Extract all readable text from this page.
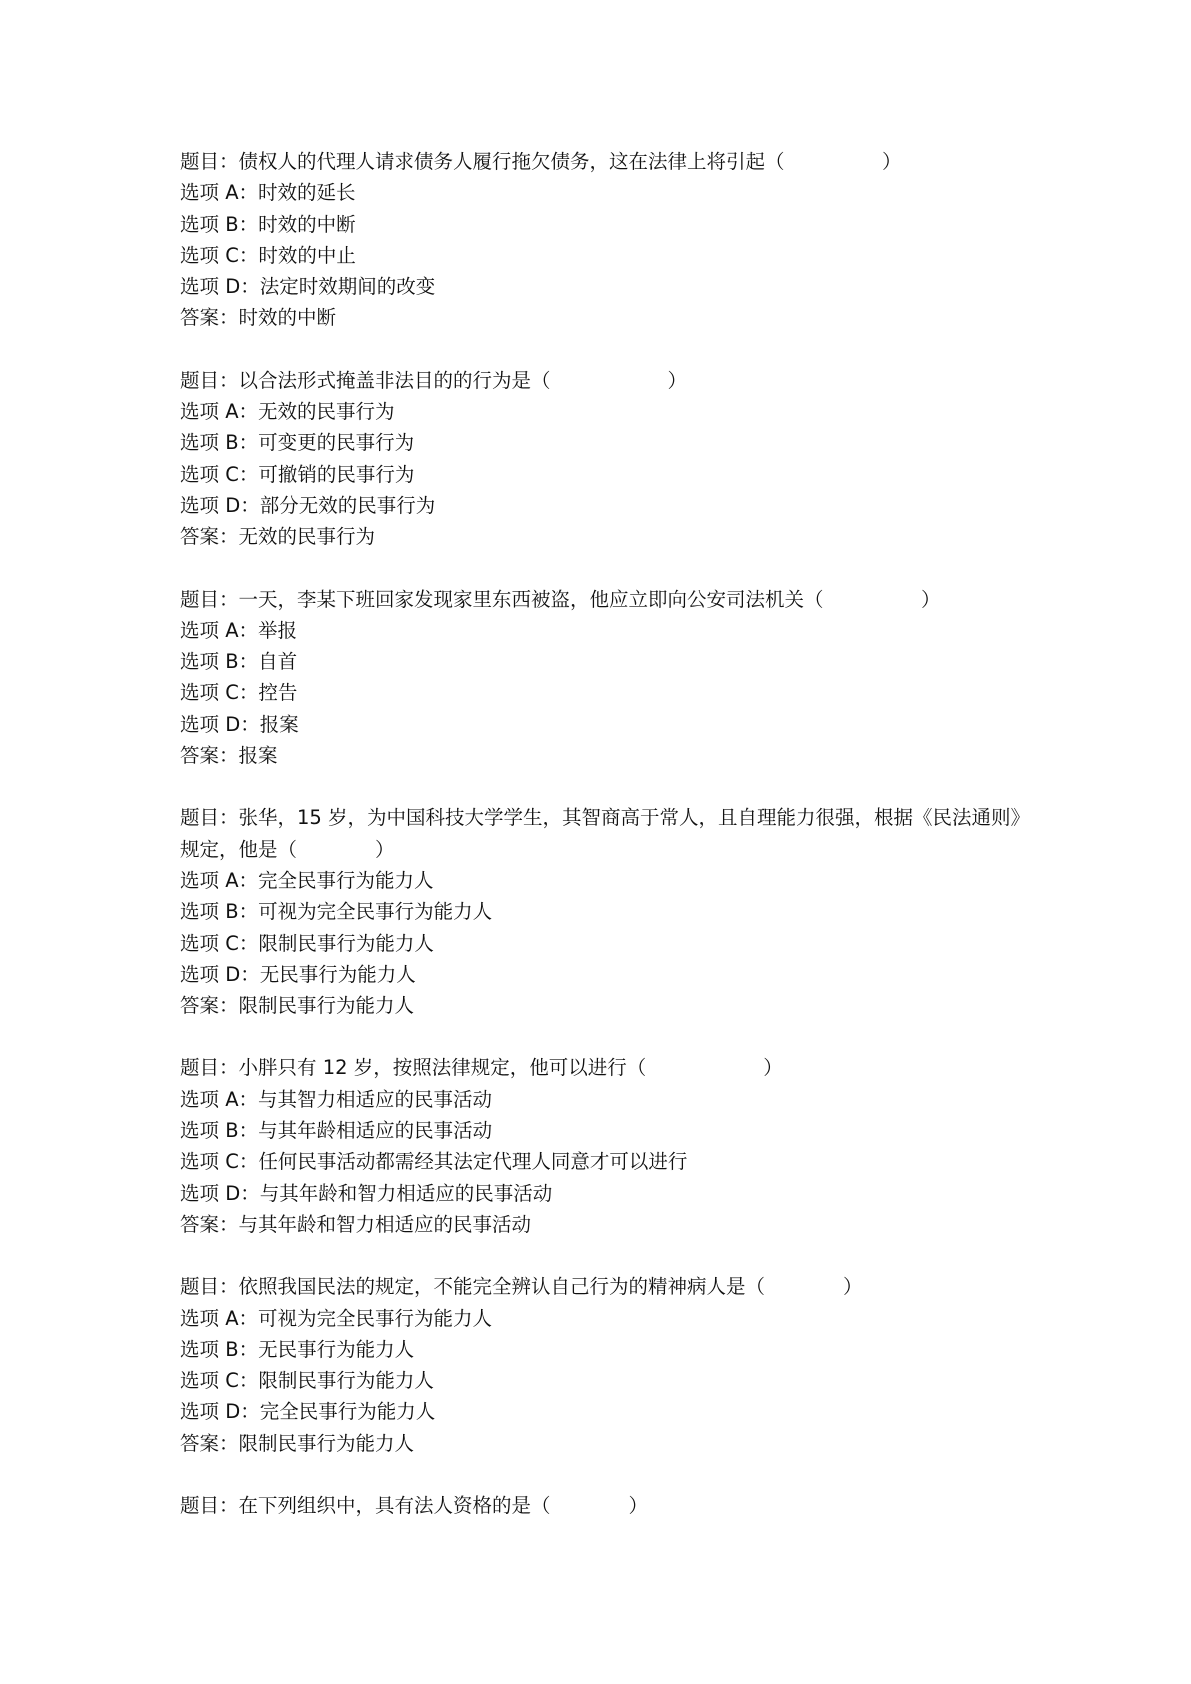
题目：债权人的代理人请求债务人履行拖欠债务，这在法律上将引起（　　　　　）
选项 A：时效的延长
选项 B：时效的中断
选项 C：时效的中止
选项 D：法定时效期间的改变
答案：时效的中断
题目：以合法形式掩盖非法目的的行为是（　　　　　　）
选项 A：无效的民事行为
选项 B：可变更的民事行为
选项 C：可撤销的民事行为
选项 D：部分无效的民事行为
答案：无效的民事行为
题目：一天，李某下班回家发现家里东西被盗，他应立即向公安司法机关（　　　　　）
选项 A：举报
选项 B：自首
选项 C：控告
选项 D：报案
答案：报案
题目：张华，15 岁，为中国科技大学学生，其智商高于常人，且自理能力很强，根据《民法通则》规定，他是（　　　　）
选项 A：完全民事行为能力人
选项 B：可视为完全民事行为能力人
选项 C：限制民事行为能力人
选项 D：无民事行为能力人
答案：限制民事行为能力人
题目：小胖只有 12 岁，按照法律规定，他可以进行（　　　　　　）
选项 A：与其智力相适应的民事活动
选项 B：与其年龄相适应的民事活动
选项 C：任何民事活动都需经其法定代理人同意才可以进行
选项 D：与其年龄和智力相适应的民事活动
答案：与其年龄和智力相适应的民事活动
题目：依照我国民法的规定，不能完全辨认自己行为的精神病人是（　　　　）
选项 A：可视为完全民事行为能力人
选项 B：无民事行为能力人
选项 C：限制民事行为能力人
选项 D：完全民事行为能力人
答案：限制民事行为能力人
题目：在下列组织中，具有法人资格的是（　　　　）
